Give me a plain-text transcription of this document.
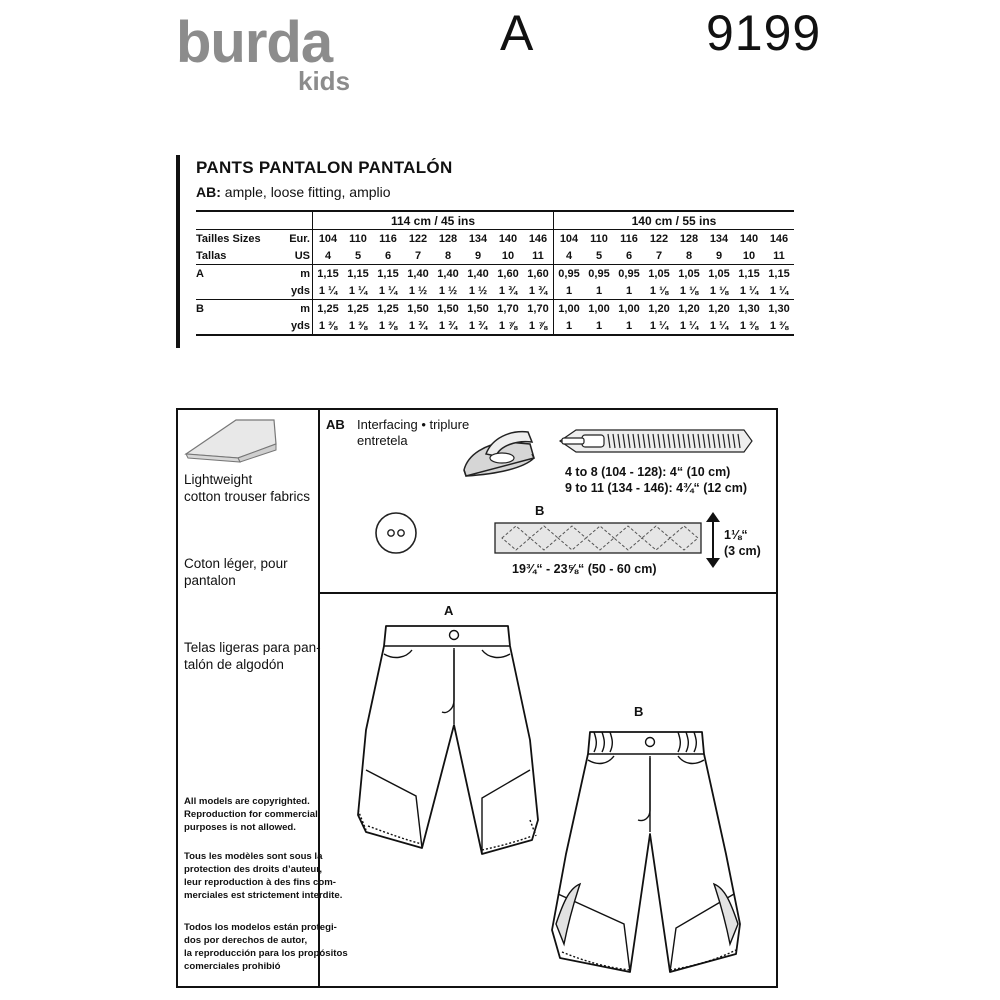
burda
kids
A	9199
PANTS PANTALON PANTALÓN
AB: ample, loose fitting, amplio
		114 cm / 45 ins								140 cm / 55 ins							
Tailles Sizes	Eur.	104	110	116	122	128	134	140	146	104	110	116	122	128	134	140	146
Tallas	US	4	5	6	7	8	9	10	11	4	5	6	7	8	9	10	11
A	m	1,15	1,15	1,15	1,40	1,40	1,40	1,60	1,60	0,95	0,95	0,95	1,05	1,05	1,05	1,15	1,15
	yds	1 ¼	1 ¼	1 ¼	1 ½	1 ½	1 ½	1 ¾	1 ¾	1	1	1	1 ⅛	1 ⅛	1 ⅛	1 ¼	1 ¼
B	m	1,25	1,25	1,25	1,50	1,50	1,50	1,70	1,70	1,00	1,00	1,00	1,20	1,20	1,20	1,30	1,30
	yds	1 ⅜	1 ⅜	1 ⅜	1 ¾	1 ¾	1 ¾	1 ⅞	1 ⅞	1	1	1	1 ¼	1 ¼	1 ¼	1 ⅜	1 ⅜
Lightweight
cotton trouser fabrics
Coton léger, pour
pantalon
Telas ligeras para pan-
talón de algodón
All models are copyrighted.
Reproduction for commercial
purposes is not allowed.
Tous les modèles sont sous la
protection des droits d’auteur,
leur reproduction à des fins com-
merciales est strictement interdite.
Todos los modelos están protegi-
dos por derechos de autor,
la reproducción para los propósitos
comerciales prohibió
AB Interfacing • triplure
entretela
4 to 8 (104 - 128): 4“ (10 cm)
9 to 11 (134 - 146): 4¾“ (12 cm)
B
1⅛“
(3 cm)
19¾“ - 23⅝“ (50 - 60 cm)
A
B
